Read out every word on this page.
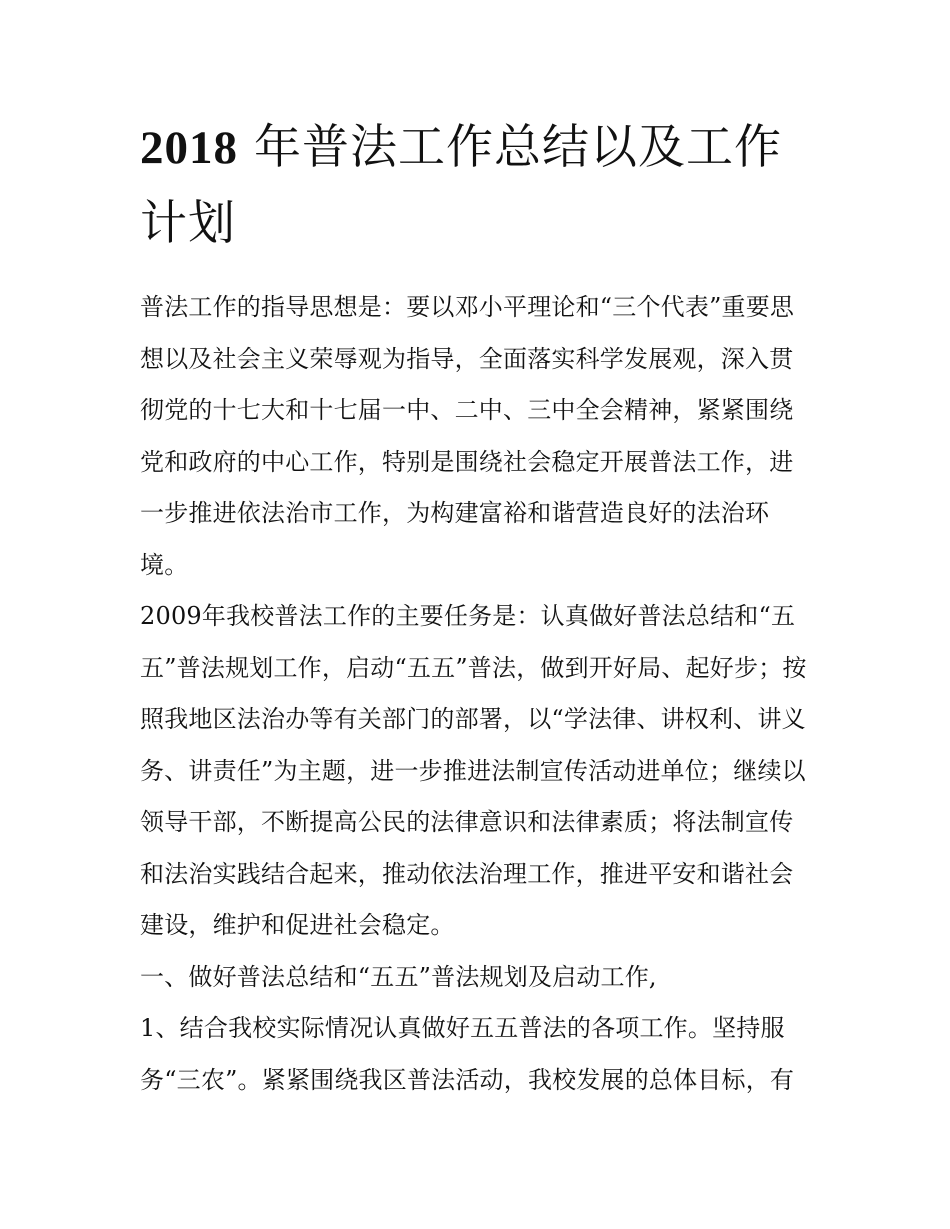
2018 年普法工作总结以及工作计划

普法工作的指导思想是：要以邓小平理论和“三个代表”重要思想以及社会主义荣辱观为指导，全面落实科学发展观，深入贯彻党的十七大和十七届一中、二中、三中全会精神，紧紧围绕党和政府的中心工作，特别是围绕社会稳定开展普法工作，进一步推进依法治市工作，为构建富裕和谐营造良好的法治环境。

2009年我校普法工作的主要任务是：认真做好普法总结和“五五”普法规划工作，启动“五五”普法，做到开好局、起好步；按照我地区法治办等有关部门的部署，以“学法律、讲权利、讲义务、讲责任”为主题，进一步推进法制宣传活动进单位；继续以领导干部，不断提高公民的法律意识和法律素质；将法制宣传和法治实践结合起来，推动依法治理工作，推进平安和谐社会建设，维护和促进社会稳定。

一、做好普法总结和“五五”普法规划及启动工作,

1、结合我校实际情况认真做好五五普法的各项工作。坚持服务“三农”。紧紧围绕我区普法活动，我校发展的总体目标，有
